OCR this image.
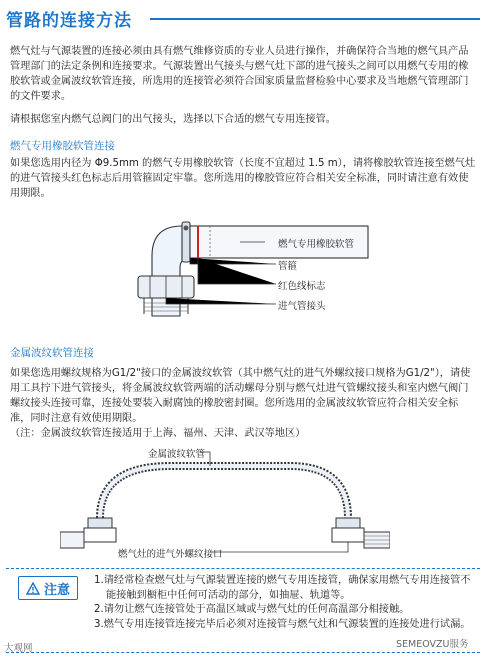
管路的连接方法
燃气灶与气源装置的连接必须由具有燃气维修资质的专业人员进行操作，并确保符合当地的燃气具产品管理部门的法定条例和连接要求。气源装置出气接头与燃气灶下部的进气接头之间可以用燃气专用的橡胶软管或金属波纹软管连接，所选用的连接管必须符合国家质量监督检验中心要求及当地燃气管理部门的文件要求。
请根据您室内燃气总阀门的出气接头，选择以下合适的燃气专用连接管。
燃气专用橡胶软管连接
如果您选用内径为 Φ9.5mm 的燃气专用橡胶软管（长度不宜超过 1.5 m），请将橡胶软管连接至燃气灶的进气管接头红色标志后用管箍固定牢靠。您所选用的橡胶管应符合相关安全标准，同时请注意有效使用期限。
燃气专用橡胶软管
管箍
红色线标志
进气管接头
金属波纹软管连接
如果您选用螺纹规格为G1/2"接口的金属波纹软管（其中燃气灶的进气外螺纹接口规格为G1/2"），请使用工具拧下进气管接头，将金属波纹软管两端的活动螺母分别与燃气灶进气管螺纹接头和室内燃气阀门螺纹接头连接可靠，连接处要装入耐腐蚀的橡胶密封圈。您所选用的金属波纹软管应符合相关安全标准，同时注意有效使用期限。
（注：金属波纹软管连接适用于上海、福州、天津、武汉等地区）
金属波纹软管
燃气灶的进气外螺纹接口
注意
1.请经常检查燃气灶与气源装置连接的燃气专用连接管，确保家用燃气专用连接管不能接触到橱柜中任何可活动的部分，如抽屉、轨道等。
2.请勿让燃气连接管处于高温区域或与燃气灶的任何高温部分相接触。
3.燃气专用连接管连接完毕后必须对连接管与燃气灶和气源装置的连接处进行试漏。
大观网	SEMEOVZU服务
